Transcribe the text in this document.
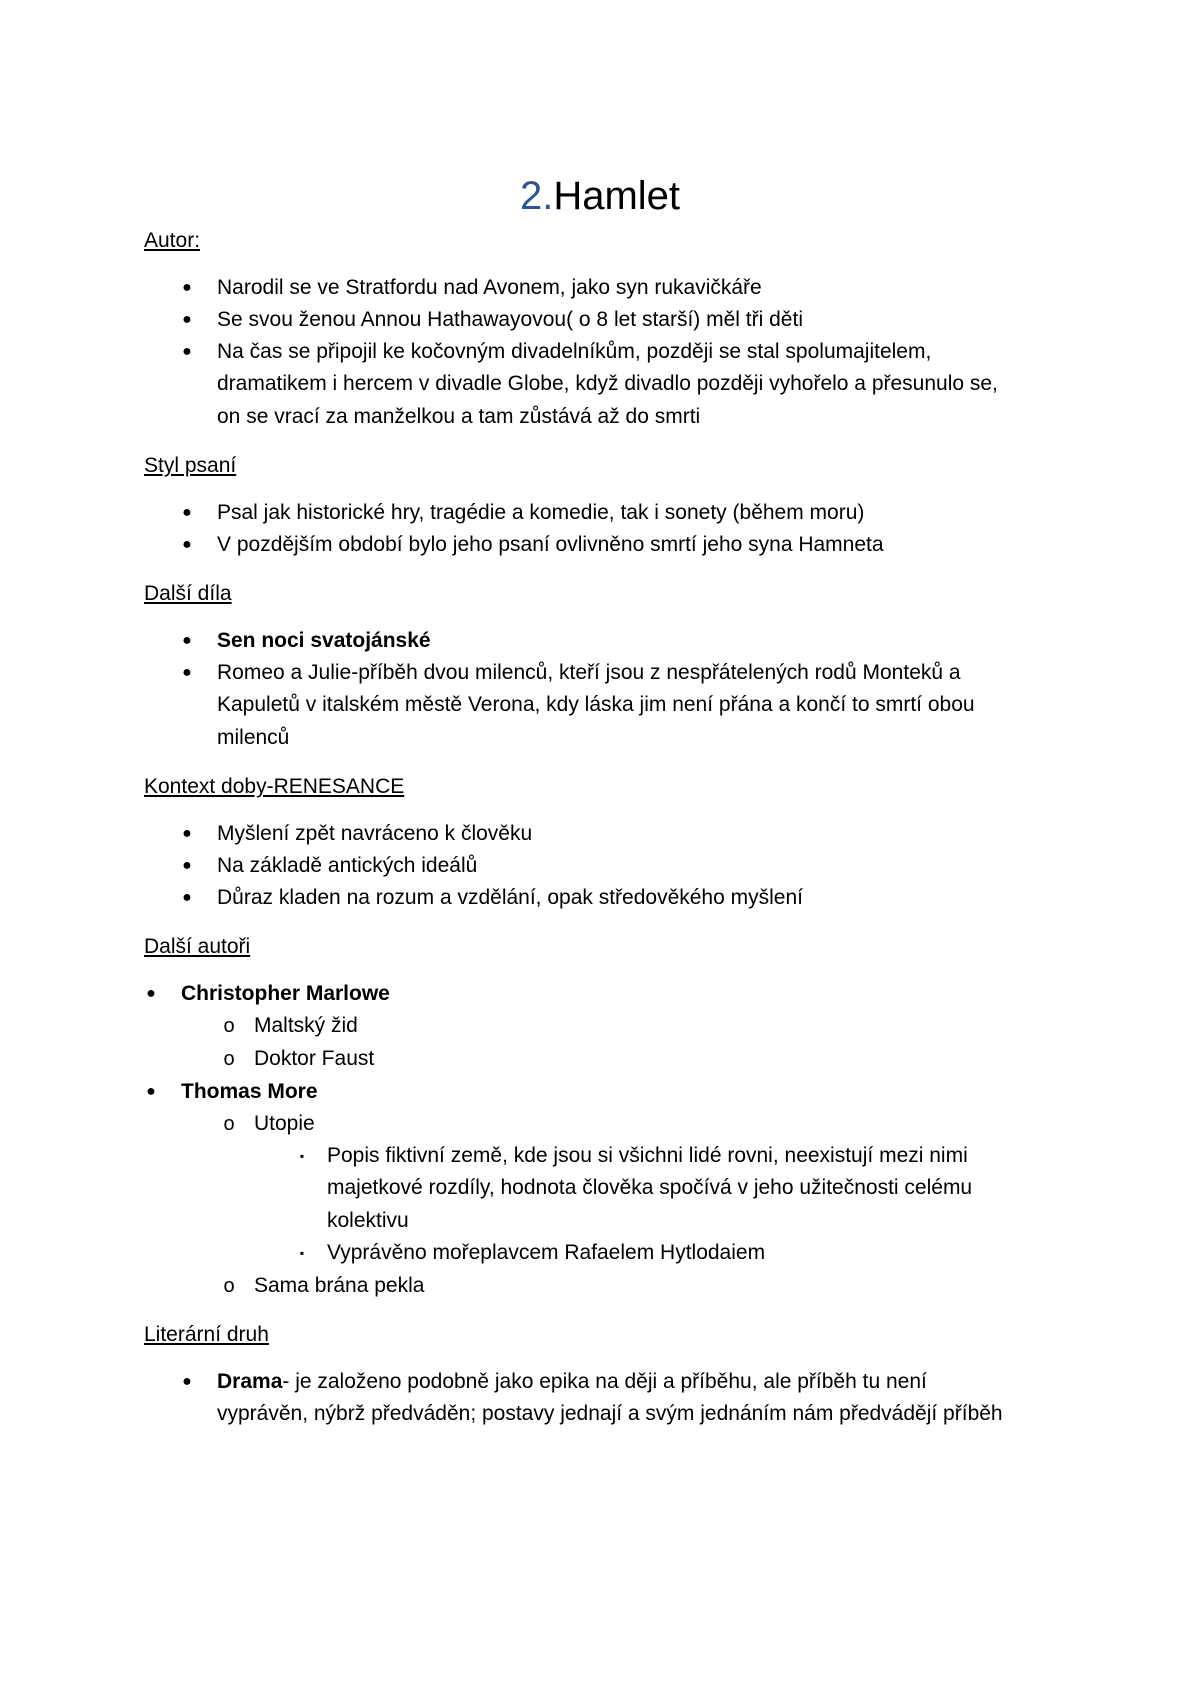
2.Hamlet
Autor:
● Narodil se ve Stratfordu nad Avonem, jako syn rukavičkáře
● Se svou ženou Annou Hathawayovou( o 8 let starší) měl tři děti
● Na čas se připojil ke kočovným divadelníkům, později se stal spolumajitelem,
dramatikem i hercem v divadle Globe, když divadlo později vyhořelo a přesunulo se,
on se vrací za manželkou a tam zůstává až do smrti
Styl psaní
● Psal jak historické hry, tragédie a komedie, tak i sonety (během moru)
● V pozdějším období bylo jeho psaní ovlivněno smrtí jeho syna Hamneta
Další díla
● Sen noci svatojánské
● Romeo a Julie-příběh dvou milenců, kteří jsou z nespřátelených rodů Monteků a
Kapuletů v italském městě Verona, kdy láska jim není přána a končí to smrtí obou
milenců
Kontext doby-RENESANCE
● Myšlení zpět navráceno k člověku
● Na základě antických ideálů
● Důraz kladen na rozum a vzdělání, opak středověkého myšlení
Další autoři
● Christopher Marlowe
o Maltský žid
o Doktor Faust
● Thomas More
o Utopie
▪	Popis fiktivní země, kde jsou si všichni lidé rovni, neexistují mezi nimi
majetkové rozdíly, hodnota člověka spočívá v jeho užitečnosti celému
kolektivu
▪	Vyprávěno mořeplavcem Rafaelem Hytlodaiem
o Sama brána pekla
Literární druh
● Drama- je založeno podobně jako epika na ději a příběhu, ale příběh tu není
vyprávěn, nýbrž předváděn; postavy jednají a svým jednáním nám předvádějí příběh
